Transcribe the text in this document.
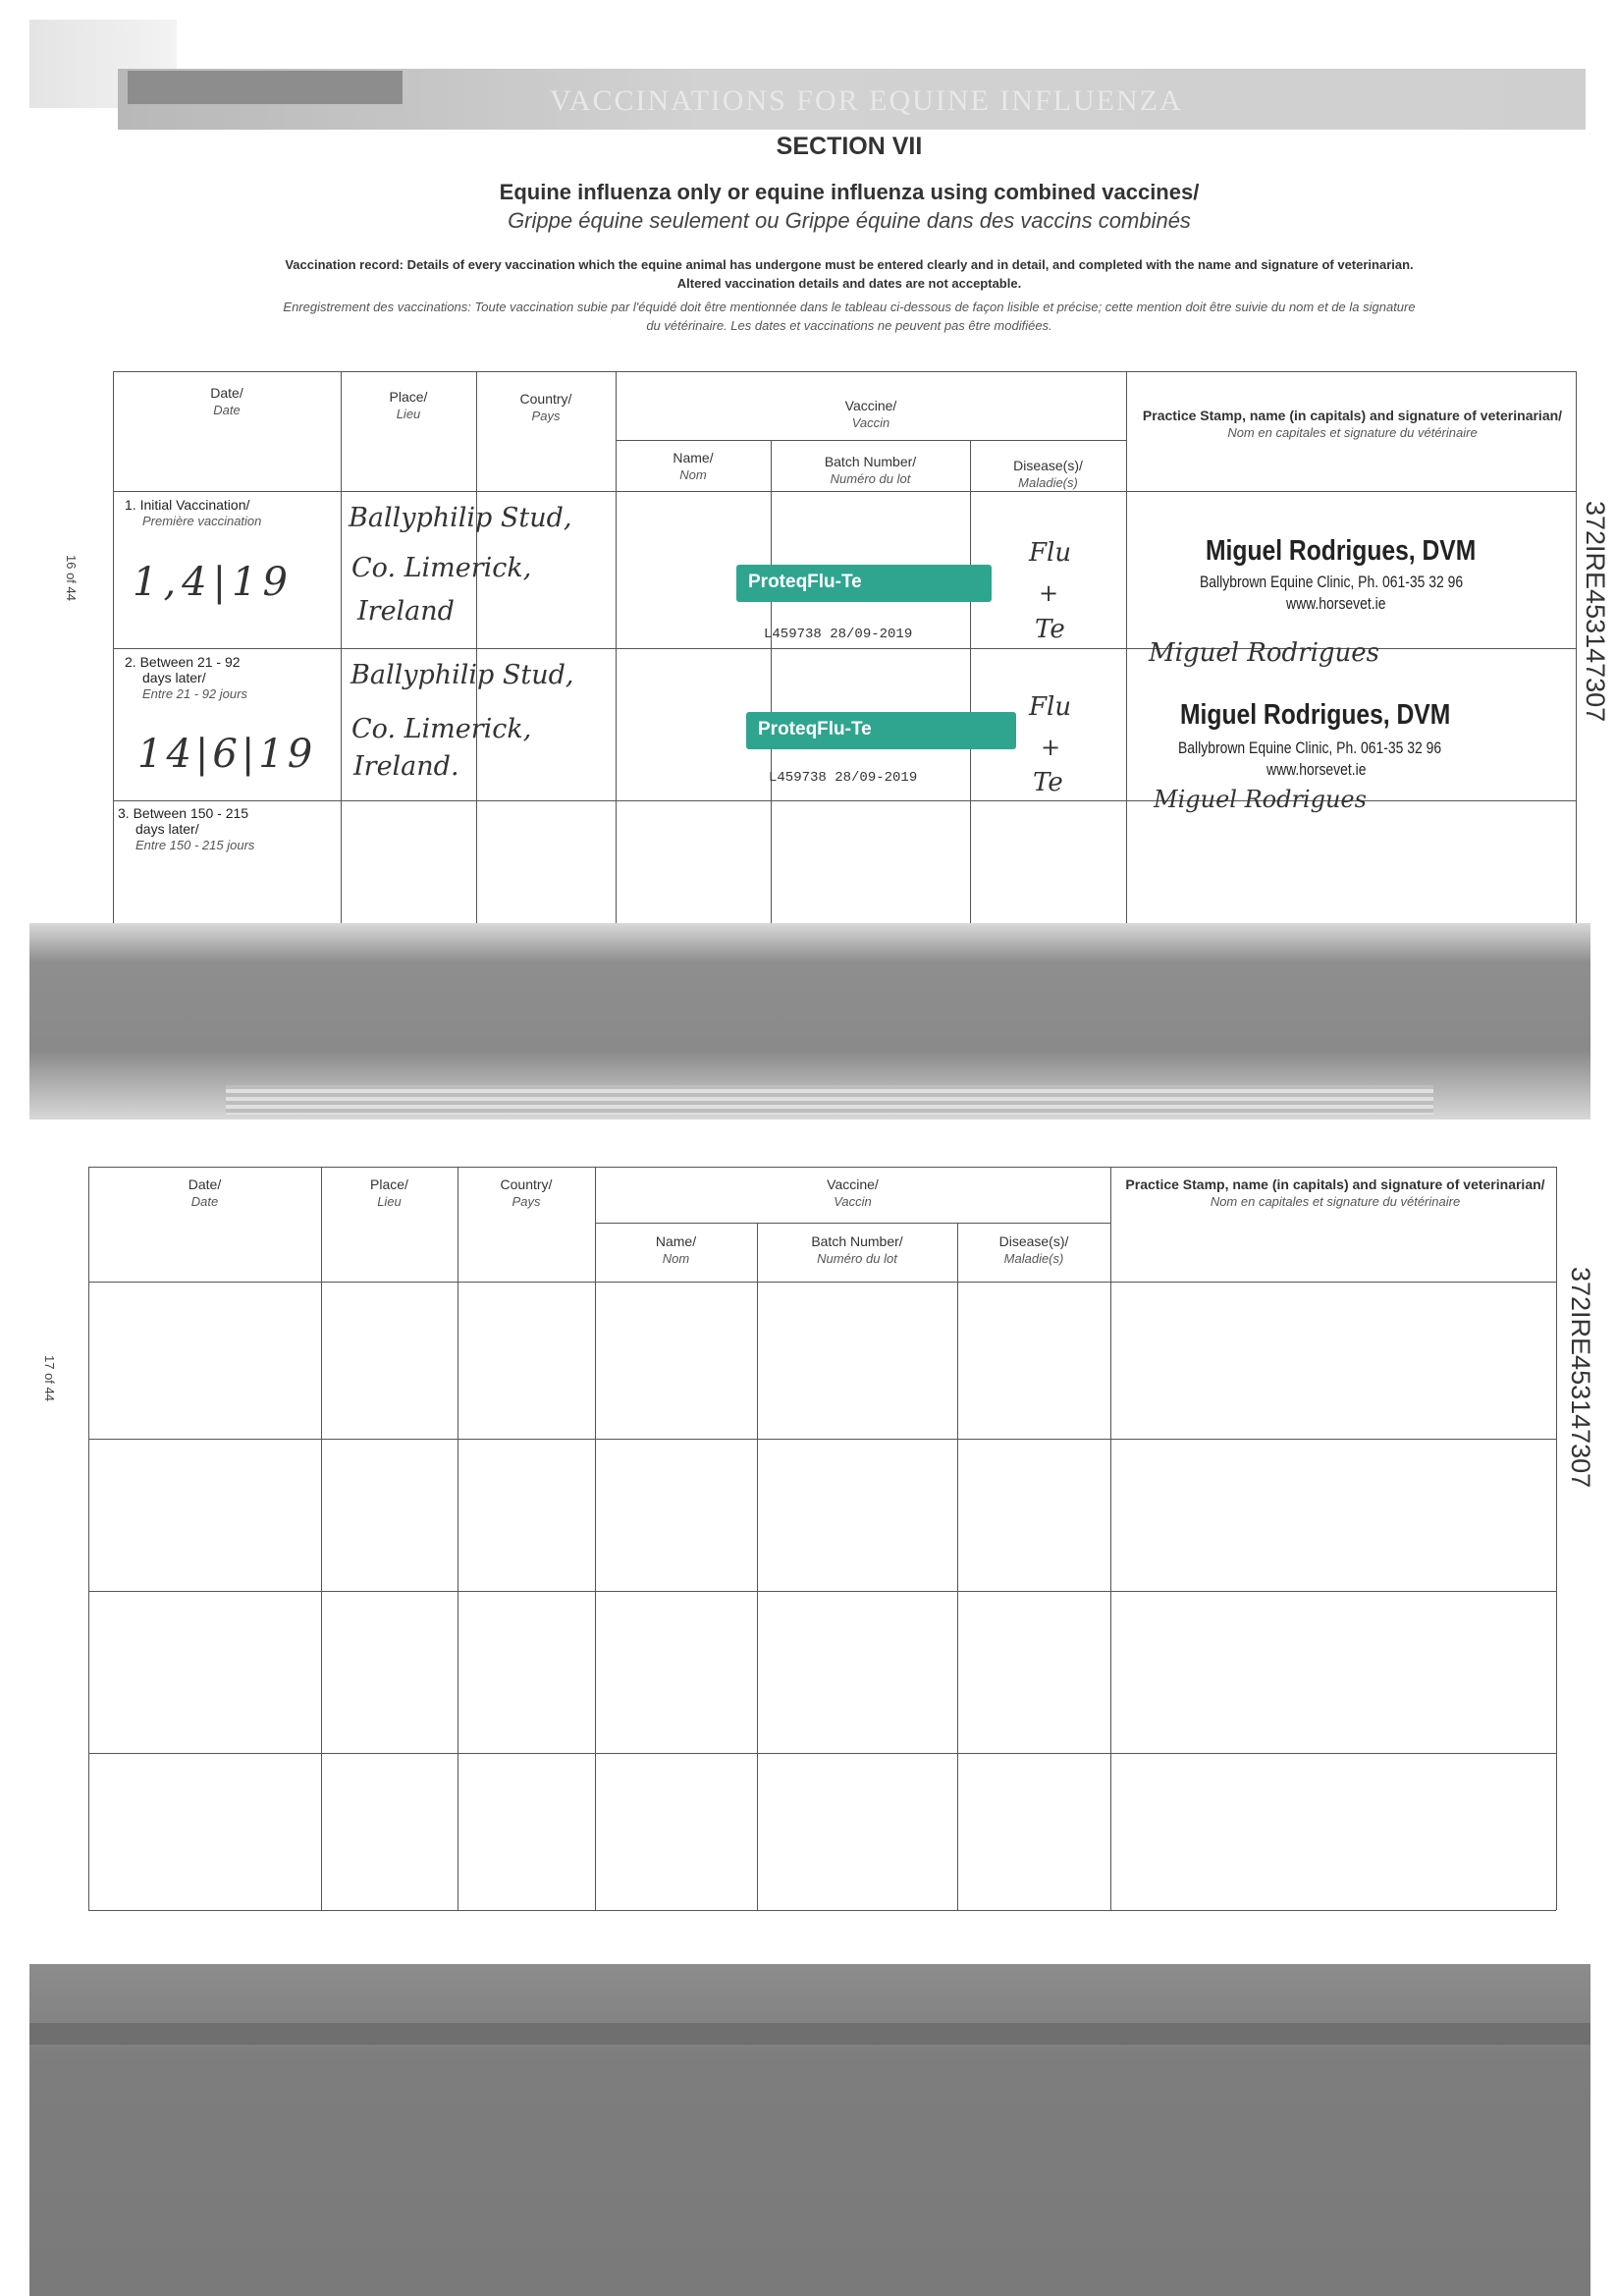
VACCINATIONS FOR EQUINE INFLUENZA
SECTION VII
Equine influenza only or equine influenza using combined vaccines/
Grippe équine seulement ou Grippe équine dans des vaccins combinés
Vaccination record: Details of every vaccination which the equine animal has undergone must be entered clearly and in detail, and completed with the name and signature of veterinarian.
Altered vaccination details and dates are not acceptable.
Enregistrement des vaccinations: Toute vaccination subie par l'équidé doit être mentionnée dans le tableau ci-dessous de façon lisible et précise; cette mention doit être suivie du nom et de la signature
du vétérinaire. Les dates et vaccinations ne peuvent pas être modifiées.
Date/
Date
Place/
Lieu
Country/
Pays
Vaccine/
Vaccin
Name/
Nom
Batch Number/
Numéro du lot
Disease(s)/
Maladie(s)
Practice Stamp, name (in capitals) and signature of veterinarian/
Nom en capitales et signature du vétérinaire
1. Initial Vaccination/
Première vaccination
1,4|19
Ballyphilip Stud,
Co. Limerick,
Ireland
ProteqFlu-Te
L459738 28/09-2019
Flu
+
Te
Miguel Rodrigues, DVM
Ballybrown Equine Clinic, Ph. 061-35 32 96
www.horsevet.ie
Miguel Rodrigues
2. Between 21 - 92
days later/
Entre 21 - 92 jours
14|6|19
Ballyphilip Stud,
Co. Limerick,
Ireland.
ProteqFlu-Te
L459738 28/09-2019
Flu
+
Te
Miguel Rodrigues, DVM
Ballybrown Equine Clinic, Ph. 061-35 32 96
www.horsevet.ie
Miguel Rodrigues
3. Between 150 - 215
days later/
Entre 150 - 215 jours
372IRE453147307
16 of 44
Date/
Date
Place/
Lieu
Country/
Pays
Vaccine/
Vaccin
Name/
Nom
Batch Number/
Numéro du lot
Disease(s)/
Maladie(s)
Practice Stamp, name (in capitals) and signature of veterinarian/
Nom en capitales et signature du vétérinaire
372IRE453147307
17 of 44
